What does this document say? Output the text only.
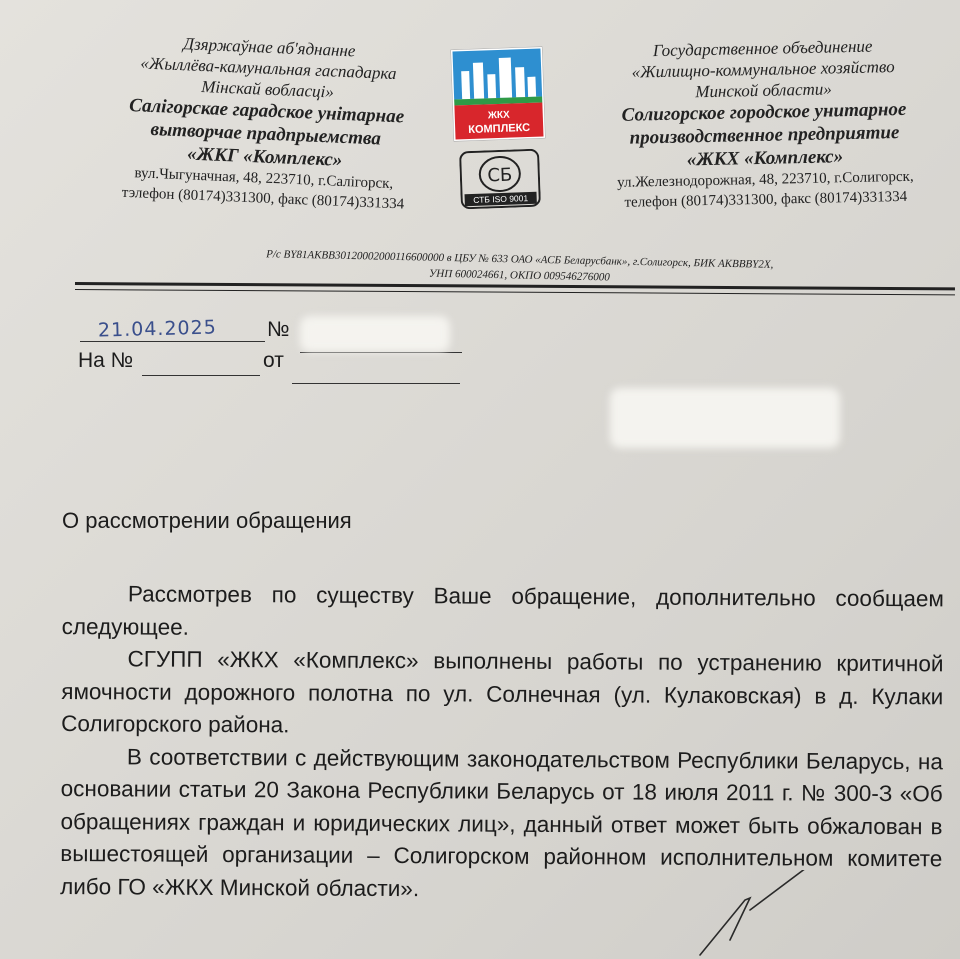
Дзяржаўнае аб'яднанне
«Жыллёва-камунальная гаспадарка
Мінскай вобласці»
Салігорскае гарадское унітарнае
вытворчае прадпрыемства
«ЖКГ «Комплекс»
вул.Чыгуначная, 48, 223710, г.Салігорск,
тэлефон (80174)331300, факс (80174)331334
ЖКХ
КОМПЛЕКС
СБ
СТБ ISO 9001
Государственное объединение
«Жилищно-коммунальное хозяйство
Минской области»
Солигорское городское унитарное
производственное предприятие
«ЖКХ «Комплекс»
ул.Железнодорожная, 48, 223710, г.Солигорск,
телефон (80174)331300, факс (80174)331334
Р/с BY81AKBB30120002000116600000 в ЦБУ № 633 ОАО «АСБ Беларусбанк», г.Солигорск, БИК AKBBBY2X,
УНП 600024661, ОКПО 009546276000
21.04.2025 №
На №	от
О рассмотрении обращения

Рассмотрев по существу Ваше обращение, дополнительно сообщаем следующее.

СГУПП «ЖКХ «Комплекс» выполнены работы по устранению критичной ямочности дорожного полотна по ул. Солнечная (ул. Кулаковская) в д. Кулаки Солигорского района.

В соответствии с действующим законодательством Республики Беларусь, на основании статьи 20 Закона Республики Беларусь от 18 июля 2011 г. № 300-З «Об обращениях граждан и юридических лиц», данный ответ может быть обжалован в вышестоящей организации – Солигорском районном исполнительном комитете либо ГО «ЖКХ Минской области».
